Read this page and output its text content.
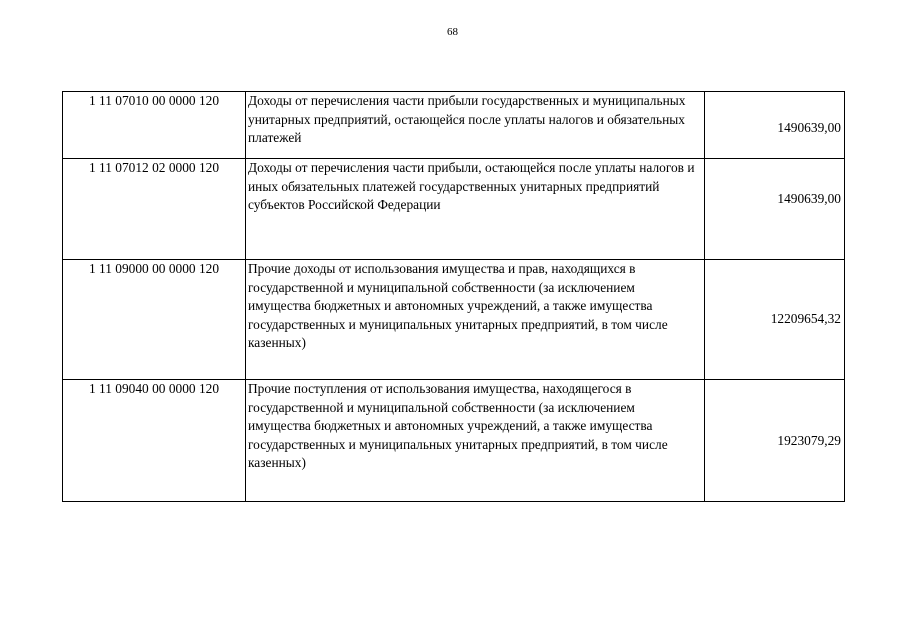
68
1 11 07010 00 0000 120	Доходы от перечисления части прибыли государственных и муниципальных унитарных предприятий, остающейся после уплаты налогов и обязательных платежей	1490639,00
1 11 07012 02 0000 120	Доходы от перечисления части прибыли, остающейся после уплаты налогов и иных обязательных платежей государственных унитарных предприятий субъектов Российской Федерации	1490639,00
1 11 09000 00 0000 120	Прочие доходы от использования имущества и прав, находящихся в государственной и муниципальной собственности (за исключением имущества бюджетных и автономных учреждений, а также имущества государственных и муниципальных унитарных предприятий, в том числе казенных)	12209654,32
1 11 09040 00 0000 120	Прочие поступления от использования имущества, находящегося в государственной и муниципальной собственности (за исключением имущества бюджетных и автономных учреждений, а также имущества государственных и муниципальных унитарных предприятий, в том числе казенных)	1923079,29
